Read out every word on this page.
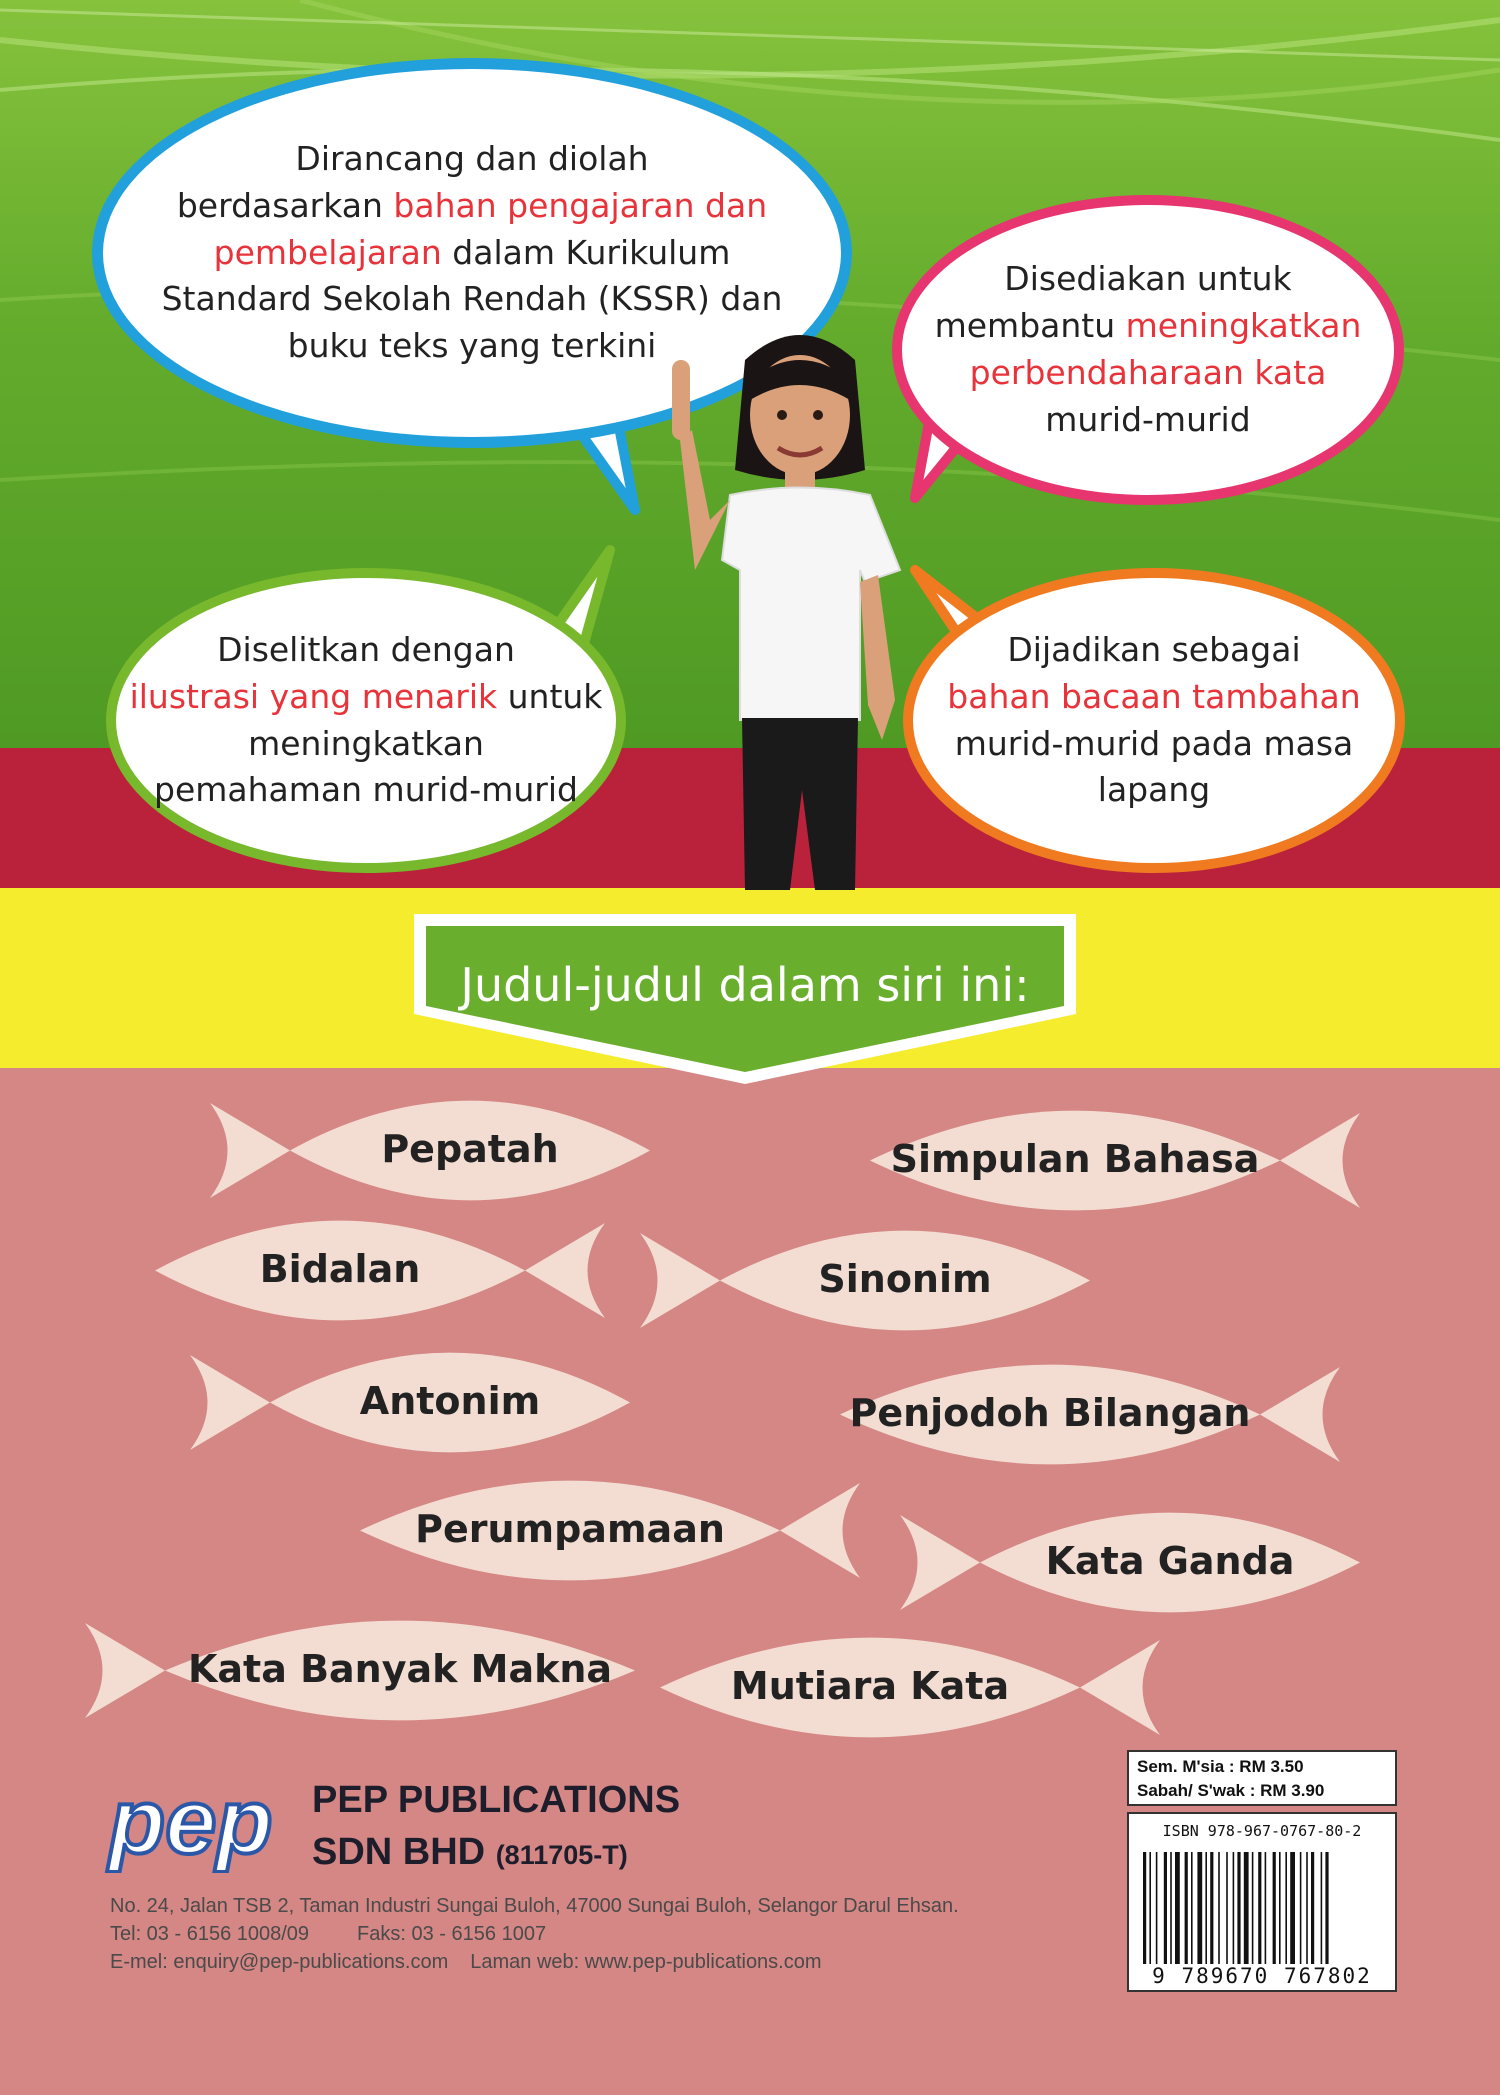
Dirancang dan diolah
berdasarkan bahan pengajaran dan
pembelajaran dalam Kurikulum
Standard Sekolah Rendah (KSSR) dan
buku teks yang terkini
Disediakan untuk
membantu meningkatkan
perbendaharaan kata
murid-murid
Diselitkan dengan
ilustrasi yang menarik untuk
meningkatkan
pemahaman murid-murid
Dijadikan sebagai
bahan bacaan tambahan
murid-murid pada masa
lapang
Judul-judul dalam siri ini:
Pepatah	Simpulan Bahasa
Bidalan	Sinonim
Antonim	Penjodoh Bilangan
Perumpamaan
Kata Ganda
Kata Banyak Makna	Mutiara Kata
pep PEP PUBLICATIONS
SDN BHD (811705-T)
No. 24, Jalan TSB 2, Taman Industri Sungai Buloh, 47000 Sungai Buloh, Selangor Darul Ehsan.
Tel: 03 - 6156 1008/09 Faks: 03 - 6156 1007
E-mel: enquiry@pep-publications.com Laman web: www.pep-publications.com
Sem. M'sia : RM 3.50
Sabah/ S'wak : RM 3.90
ISBN 978-967-0767-80-2
9 789670 767802
